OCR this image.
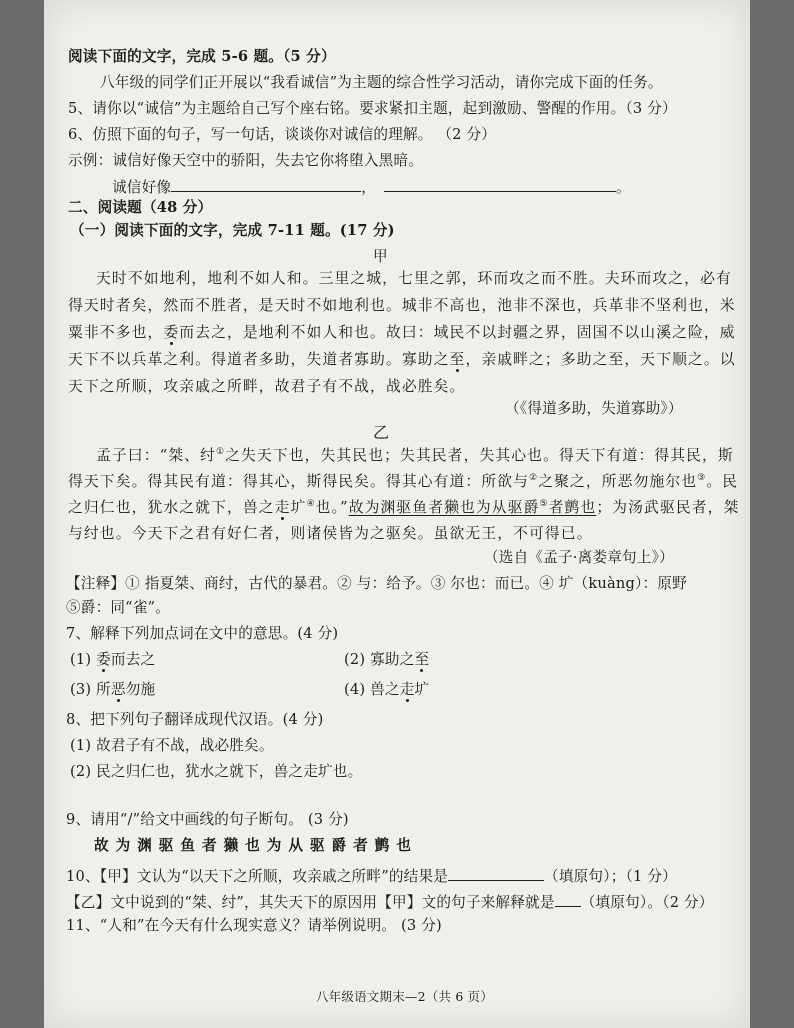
阅读下面的文字，完成 5-6 题。（5 分）
八年级的同学们正开展以“我看诚信”为主题的综合性学习活动，请你完成下面的任务。
5、请你以“诚信”为主题给自己写个座右铭。要求紧扣主题，起到激励、警醒的作用。（3 分）
6、仿照下面的句子，写一句话，谈谈你对诚信的理解。 （2 分）
示例：诚信好像天空中的骄阳，失去它你将堕入黑暗。
诚信好像	，	。
二、阅读题（48 分）
（一）阅读下面的文字，完成 7-11 题。(17 分)
甲
天时不如地利，地利不如人和。三里之城，七里之郭，环而攻之而不胜。夫环而攻之，必有
得天时者矣，然而不胜者，是天时不如地利也。城非不高也，池非不深也，兵革非不坚利也，米
粟非不多也，委而去之，是地利不如人和也。故曰：域民不以封疆之界，固国不以山溪之险，威
天下不以兵革之利。得道者多助，失道者寡助。寡助之至，亲戚畔之；多助之至，天下顺之。以
天下之所顺，攻亲戚之所畔，故君子有不战，战必胜矣。
（《得道多助，失道寡助》）
乙
孟子曰：“桀、纣①之失天下也，失其民也；失其民者，失其心也。得天下有道：得其民，斯
得天下矣。得其民有道：得其心，斯得民矣。得其心有道：所欲与②之聚之，所恶勿施尔也③。民
之归仁也，犹水之就下，兽之走圹④也。”故为渊驱鱼者獭也为从驱爵⑤者鹯也；为汤武驱民者，桀
与纣也。今天下之君有好仁者，则诸侯皆为之驱矣。虽欲无王，不可得已。
（选自《孟子·离娄章句上》）
【注释】① 指夏桀、商纣，古代的暴君。② 与：给予。③ 尔也：而已。④ 圹（kuàng）：原野
⑤爵：同“雀”。
7、解释下列加点词在文中的意思。(4 分)
(1) 委而去之	(2) 寡助之至
(3) 所恶勿施	(4) 兽之走圹
8、把下列句子翻译成现代汉语。(4 分)
(1) 故君子有不战，战必胜矣。
(2) 民之归仁也，犹水之就下，兽之走圹也。
9、请用“/”给文中画线的句子断句。 (3 分)
故为渊驱鱼者獭也为从驱爵者鹯也
10、【甲】文认为“以天下之所顺，攻亲戚之所畔”的结果是	（填原句）；（1 分）
【乙】文中说到的“桀、纣”，其失天下的原因用【甲】文的句子来解释就是 （填原句）。（2 分）
11、“人和”在今天有什么现实意义？请举例说明。 (3 分)
八年级语文期末—2（共 6 页）
